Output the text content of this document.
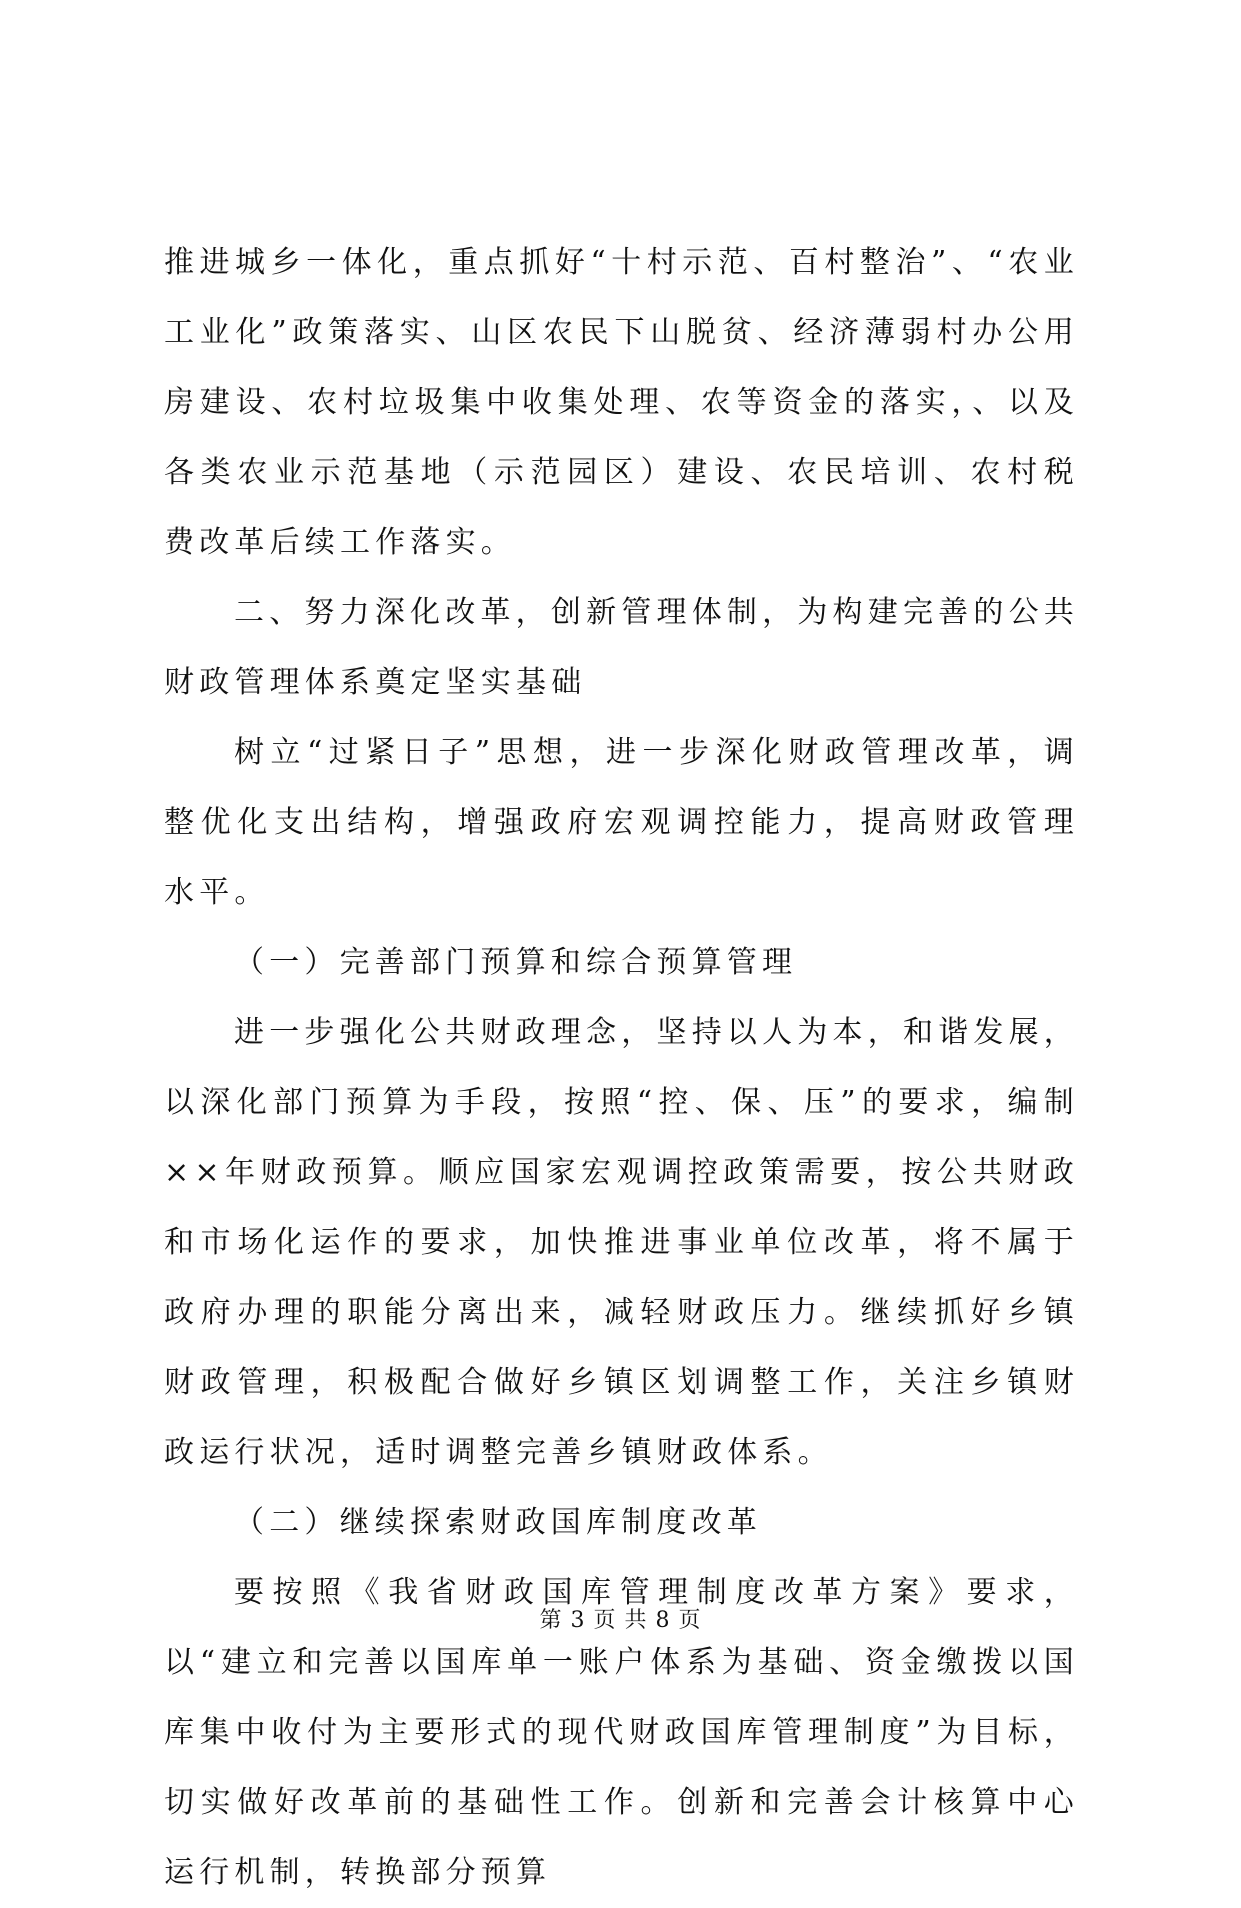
推进城乡一体化，重点抓好“十村示范、百村整治”、“农业工业化”政策落实、山区农民下山脱贫、经济薄弱村办公用房建设、农村垃圾集中收集处理、农等资金的落实，、以及各类农业示范基地（示范园区）建设、农民培训、农村税费改革后续工作落实。

二、努力深化改革，创新管理体制，为构建完善的公共财政管理体系奠定坚实基础

树立“过紧日子”思想，进一步深化财政管理改革，调整优化支出结构，增强政府宏观调控能力，提高财政管理水平。

（一）完善部门预算和综合预算管理

进一步强化公共财政理念，坚持以人为本，和谐发展，以深化部门预算为手段，按照“控、保、压”的要求，编制××年财政预算。顺应国家宏观调控政策需要，按公共财政和市场化运作的要求，加快推进事业单位改革，将不属于政府办理的职能分离出来，减轻财政压力。继续抓好乡镇财政管理，积极配合做好乡镇区划调整工作，关注乡镇财政运行状况，适时调整完善乡镇财政体系。

（二）继续探索财政国库制度改革

要按照《我省财政国库管理制度改革方案》要求，以“建立和完善以国库单一账户体系为基础、资金缴拨以国库集中收付为主要形式的现代财政国库管理制度”为目标，切实做好改革前的基础性工作。创新和完善会计核算中心运行机制，转换部分预算

第 3 页 共 8 页
